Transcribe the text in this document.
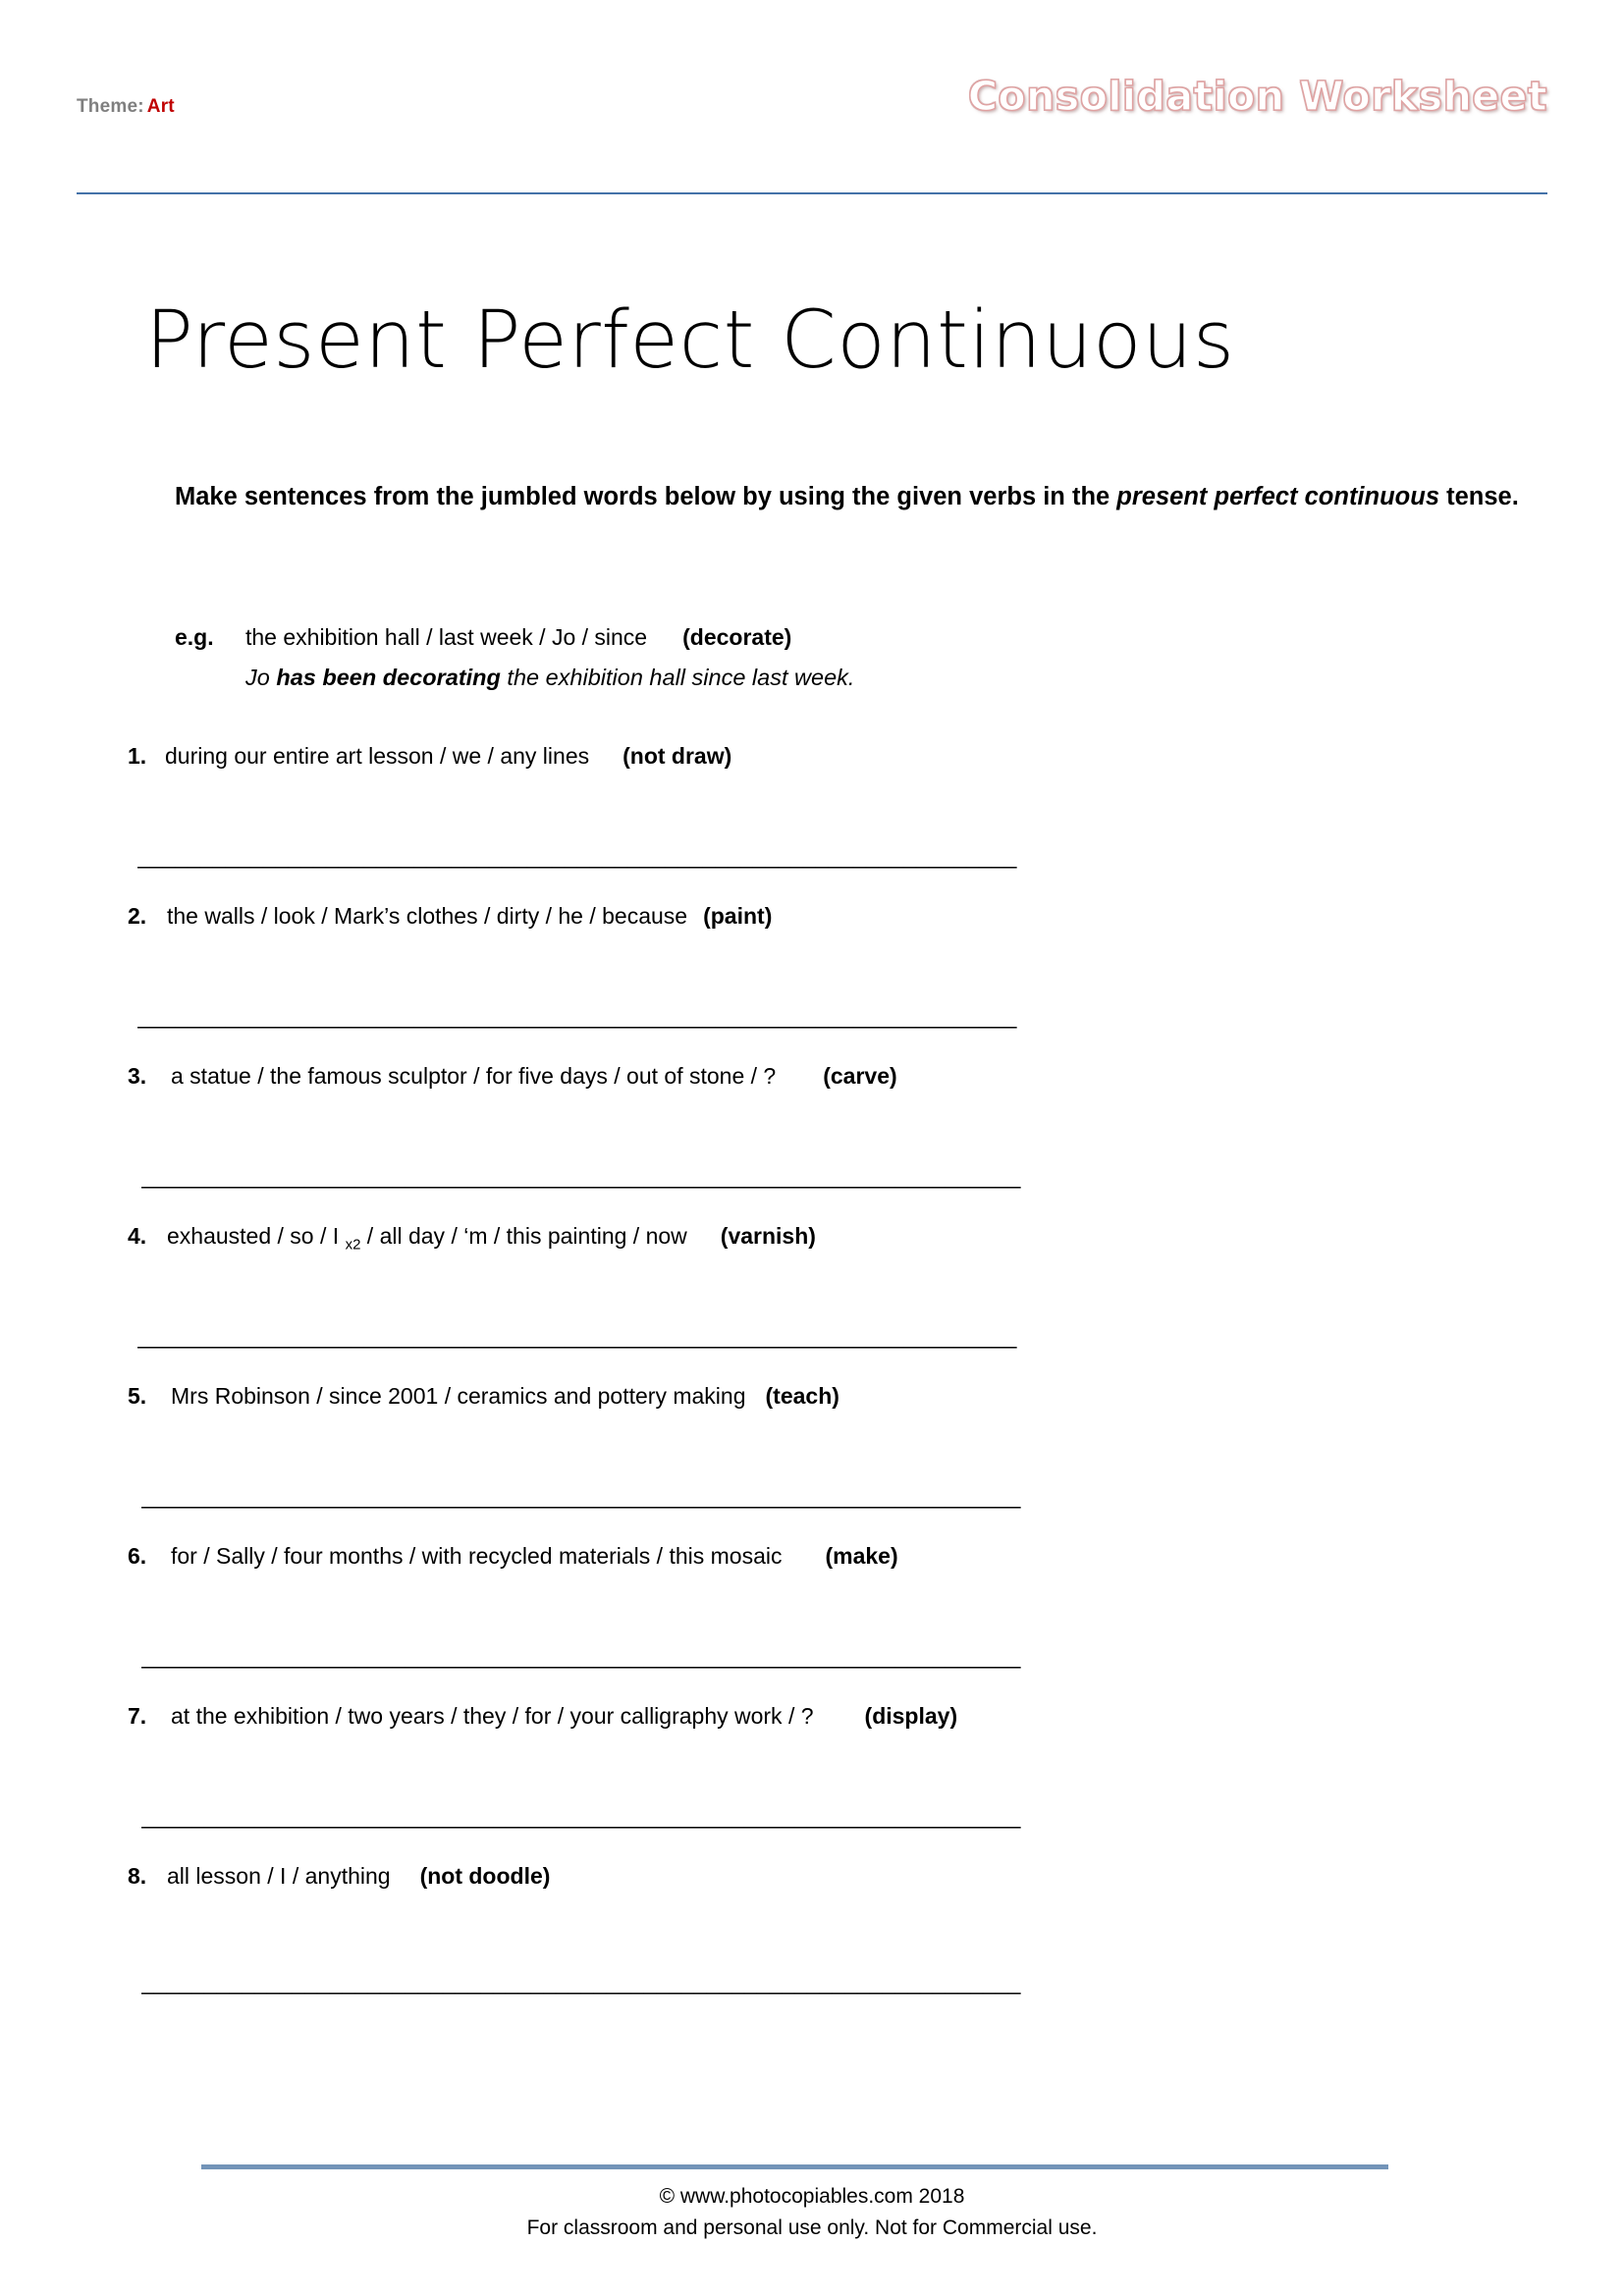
Theme: Art	Consolidation Worksheet
Present Perfect Continuous
Make sentences from the jumbled words below by using the given verbs in the present perfect continuous tense.
e.g.	the exhibition hall / last week / Jo / since (decorate)
Jo has been decorating the exhibition hall since last week.
1. during our entire art lesson / we / any lines (not draw)
______________________________________________________________________
2. the walls / look / Mark’s clothes / dirty / he / because (paint)
______________________________________________________________________
3.	a statue / the famous sculptor / for five days / out of stone / ? (carve)
______________________________________________________________________
4. exhausted / so / I $_{x2}$ / all day / ‘m / this painting / now (varnish)
______________________________________________________________________
5.	Mrs Robinson / since 2001 / ceramics and pottery making (teach)
______________________________________________________________________
6.	for / Sally / four months / with recycled materials / this mosaic (make)
______________________________________________________________________
7.	at the exhibition / two years / they / for / your calligraphy work / ? (display)
______________________________________________________________________
8. all lesson / I / anything (not doodle)
______________________________________________________________________
© www.photocopiables.com 2018
For classroom and personal use only. Not for Commercial use.
